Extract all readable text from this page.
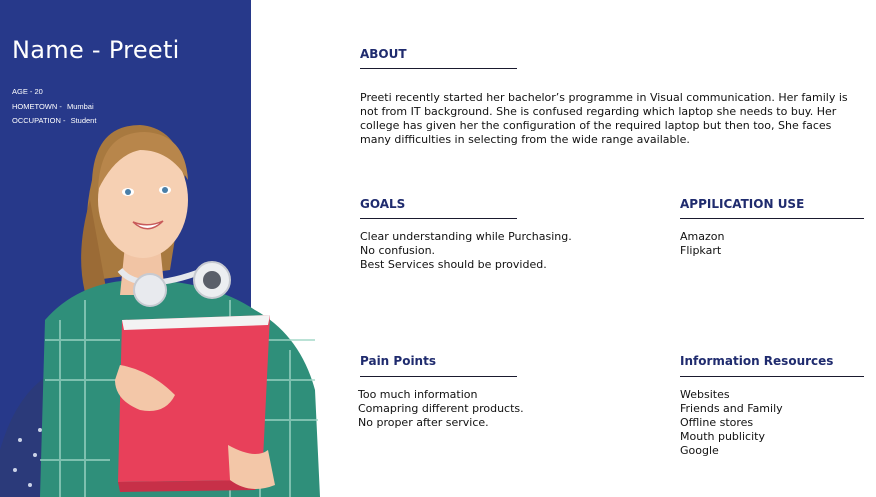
Name - Preeti
AGE - 20
HOMETOWN - Mumbai
OCCUPATION - Student
ABOUT
Preeti recently started her bachelor’s programme in Visual communication. Her family is
not from IT background. She is confused regarding which laptop she needs to buy. Her
college has given her the configuration of the required laptop but then too, She faces
many difficulties in selecting from the wide range available.
GOALS
Clear understanding while Purchasing.
No confusion.
Best Services should be provided.
APPILICATION USE
Amazon
Flipkart
Pain Points
Too much information
Comapring different products.
No proper after service.
Information Resources
Websites
Friends and Family
Offline stores
Mouth publicity
Google
